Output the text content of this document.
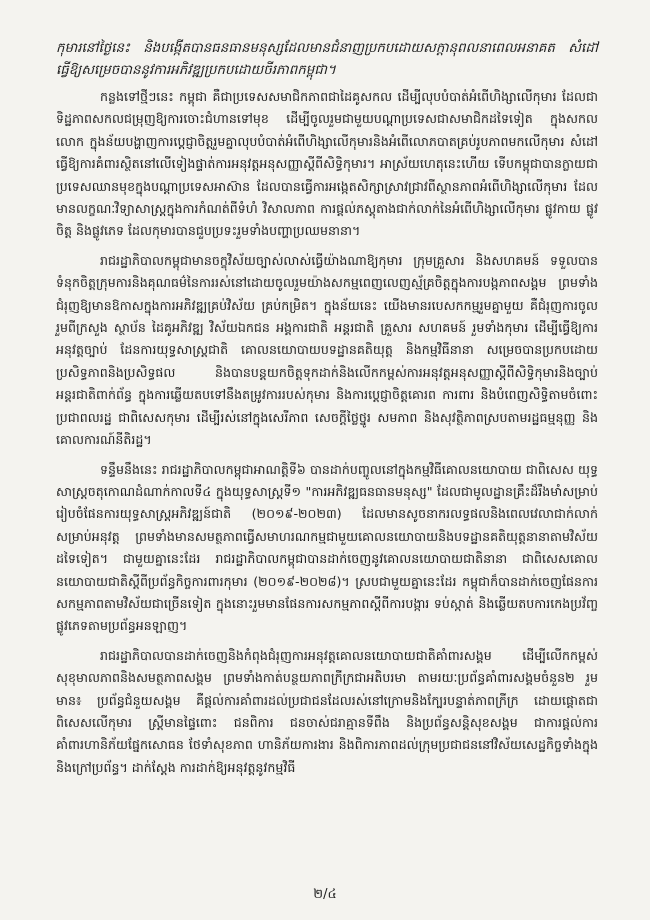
កុមារនៅថ្ងៃនេះ និងបង្កើតបានធនធានមនុស្សដែលមានជំនាញប្រកបដោយសក្តានុពលនាពេលអនាគត សំដៅធ្វើឱ្យសម្រេចបាននូវការអភិវឌ្ឍប្រកបដោយចីរភាពកម្ពុជា។

កន្លងទៅថ្មីៗនេះ កម្ពុជា គឺជាប្រទេសសមាជិកភាពជាដៃគូសកល ដើម្បីលុបបំបាត់អំពើហិង្សាលើកុមារ ដែលជាទិដ្ឋភាពសកលជម្រុញឱ្យការចោះជំហានទៅមុខ ដើម្បីចូលរួមជាមួយបណ្តាប្រទេសជាសមាជិកដទៃទៀត ក្នុងសកលលោក ក្នុងន័យបង្ហាញការប្តេជ្ញាចិត្តរួមគ្នាលុបបំបាត់អំពើហិង្សាលើកុមារនិងអំពើលោភបាតគ្រប់រូបភាពមកលើកុមារ សំដៅធ្វើឱ្យការគំពារស្ថិតនៅលើទៀងផ្ទាត់ការអនុវត្តអនុសញ្ញាស្តីពីសិទ្ធិកុមារ។ អាស្រ័យហេតុនេះហើយ ទើបកម្ពុជាបានក្លាយជាប្រទេសឈានមុខក្នុងបណ្តាប្រទេសអាស៊ាន ដែលបានធ្វើការអង្កេតសិក្សាស្រាវជ្រាវពីស្ថានភាពអំពើហិង្សាលើកុមារ ដែលមានលក្ខណៈវិទ្យាសាស្ត្រក្នុងការកំណត់ពីទំហំ វិសាលភាព ការផ្តល់ភស្តុតាងជាក់លាក់នៃអំពើហិង្សាលើកុមារ ផ្លូវកាយ ផ្លូវចិត្ត និងផ្លូវភេទ ដែលកុមារបានជួបប្រទះរួមទាំងបញ្ហាប្រឈមនានា។

រាជរដ្ឋាភិបាលកម្ពុជាមានចក្ខុវិស័យច្បាស់លាស់ធ្វើយ៉ាងណាឱ្យកុមារ ក្រុមគ្រួសារ និងសហគមន៍ ទទួលបានទំនុកចិត្តក្រុមការនិងគុណធម៌នៃការរស់នៅដោយចូលរួមយ៉ាងសកម្មពេញលេញស្ម័គ្រចិត្តក្នុងការបង្កភាពសង្គម ព្រមទាំងជំរុញឱ្យមានឱកាសក្នុងការអភិវឌ្ឍគ្រប់វិស័យ គ្រប់កម្រិត។ ក្នុងន័យនេះ យើងមានរបេសកកម្មរួមគ្នាមួយ គឺជំរុញការចូលរួមពីក្រសួង ស្ថាប័ន ដៃគូអភិវឌ្ឍ វិស័យឯកជន អង្គការជាតិ អន្តរជាតិ គ្រួសារ សហគមន៍ រួមទាំងកុមារ ដើម្បីធ្វើឱ្យការអនុវត្តច្បាប់ ដែនការយុទ្ធសាស្ត្រជាតិ គោលនយោបាយបទដ្ឋានគតិយុត្ត និងកម្មវិធីនានា សម្រេចបានប្រកបដោយប្រសិទ្ធភាពនិងប្រសិទ្ធផល និងបានបន្តយកចិត្តទុកដាក់និងលើកកម្ពស់ការអនុវត្តអនុសញ្ញាស្តីពីសិទ្ធិកុមារនិងច្បាប់អន្តរជាតិពាក់ព័ន្ធ ក្នុងការឆ្លើយតបទៅនឹងតម្រូវការរបស់កុមារ និងការប្តេជ្ញាចិត្តគោរព ការពារ និងបំពេញសិទ្ធិតាមចំពោះប្រជាពលរដ្ឋ ជាពិសេសកុមារ ដើម្បីរស់នៅក្នុងសេរីភាព សេចក្តីថ្លៃថ្នូរ សមភាព និងសុវត្ថិភាពស្របតាមរដ្ឋធម្មនុញ្ញ និងគោលការណ៍នីតិរដ្ឋ។

ទន្ទឹមនឹងនេះ រាជរដ្ឋាភិបាលកម្ពុជាអាណត្តិទី៦ បានដាក់បញ្ចូលនៅក្នុងកម្មវិធីគោលនយោបាយ ជាពិសេស យុទ្ធសាស្ត្រចតុកោណដំណាក់កាលទី៤ ក្នុងយុទ្ធសាស្ត្រទី១ "ការអភិវឌ្ឍធនធានមនុស្ស" ដែលជាមូលដ្ឋានគ្រឹះដ៏រឹងមាំសម្រាប់រៀបចំផែនការយុទ្ធសាស្ត្រអភិវឌ្ឍន៍ជាតិ (២០១៩-២០២៣) ដែលមានសូចនាករលទ្ធផលនិងពេលវេលាជាក់លាក់សម្រាប់អនុវត្ត ព្រមទាំងមានសមត្ថភាពធ្វើសមាហរណកម្មជាមួយគោលនយោបាយនិងបទដ្ឋានគតិយុត្តនានាតាមវិស័យដទៃទៀត។ ជាមួយគ្នានេះដែរ រាជរដ្ឋាភិបាលកម្ពុជាបានដាក់ចេញនូវគោលនយោបាយជាតិនានា ជាពិសេសគោលនយោបាយជាតិស្តីពីប្រព័ន្ធកិច្ចការពារកុមារ (២០១៩-២០២៨)។ ស្របជាមួយគ្នានេះដែរ កម្ពុជាក៏បានដាក់ចេញផែនការសកម្មភាពតាមវិស័យជាច្រើនទៀត ក្នុងនោះរួមមានផែនការសកម្មភាពស្តីពីការបង្ការ ទប់ស្កាត់ និងឆ្លើយតបការកេងប្រវ័ញ្ចផ្លូវភេទតាមប្រព័ន្ធអនឡាញ។

រាជរដ្ឋាភិបាលបានដាក់ចេញនិងកំពុងជំរុញការអនុវត្តគោលនយោបាយជាតិគាំពារសង្គម ដើម្បីលើកកម្ពស់សុខុមាលភាពនិងសមត្ថភាពសង្គម ព្រមទាំងកាត់បន្ថយភាពក្រីក្រជាអតិបរមា តាមរយៈប្រព័ន្ធគាំពារសង្គមចំនួន២ រួមមាន៖ ប្រព័ន្ធជំនួយសង្គម គឺផ្តល់ការគាំពារដល់ប្រជាជនដែលរស់នៅក្រោមនិងក្បែរបន្ទាត់ភាពក្រីក្រ ដោយផ្តោតជាពិសេសលើកុមារ ស្ត្រីមានផ្ទៃពោះ ជនពិការ ជនចាស់ជរាគ្មានទីពឹង និងប្រព័ន្ធសន្តិសុខសង្គម ជាការផ្តល់ការគាំពារហានិភ័យផ្នែកសោធន ថែទាំសុខភាព ហានិភ័យការងារ និងពិការភាពដល់ក្រុមប្រជាជននៅវិស័យសេដ្ឋកិច្ចទាំងក្នុងនិងក្រៅប្រព័ន្ធ។ ដាក់ស្តែង ការដាក់ឱ្យអនុវត្តនូវកម្មវិធី

២/៤
